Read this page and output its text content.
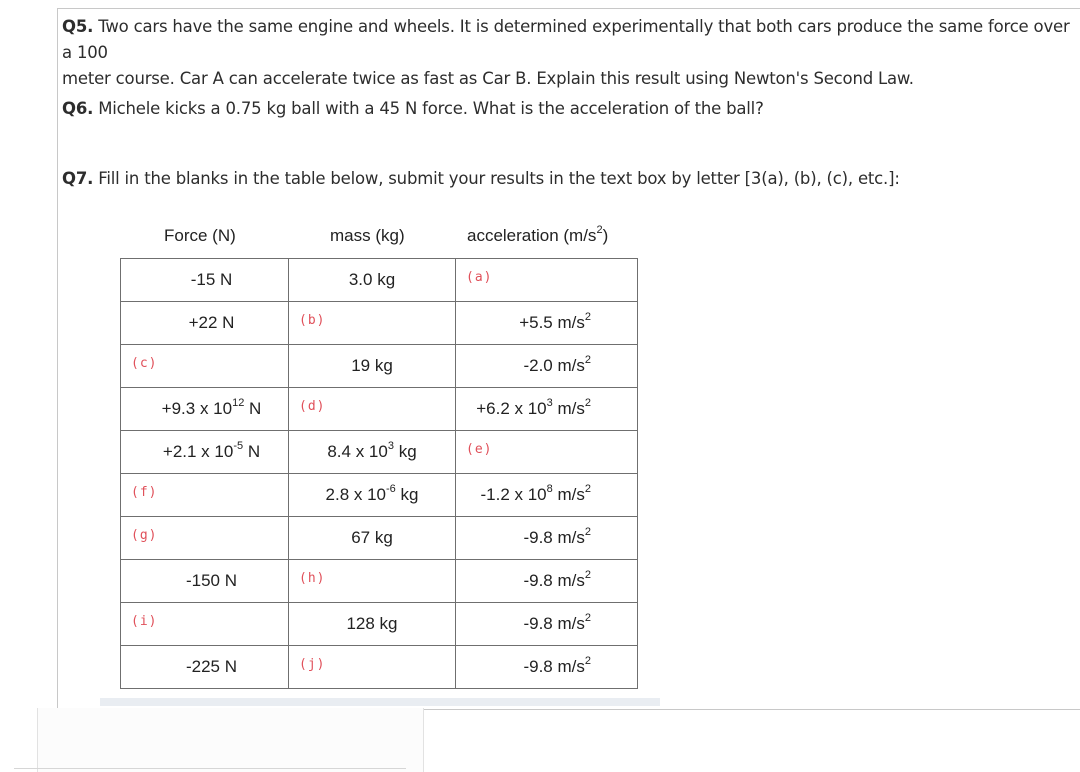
Q5. Two cars have the same engine and wheels. It is determined experimentally that both cars produce the same force over a 100
meter course. Car A can accelerate twice as fast as Car B. Explain this result using Newton's Second Law.
Q6. Michele kicks a 0.75 kg ball with a 45 N force. What is the acceleration of the ball?
Q7. Fill in the blanks in the table below, submit your results in the text box by letter [3(a), (b), (c), etc.]:
Force (N)	mass (kg)	acceleration $(m/s^2)$
-15 N	3.0 kg	(a)

+22 N	(b)	+5.5 $m/s^2$

(c)	19 kg	-2.0 $m/s^2$

+9.3 x $10^{12}$ N	(d)	+6.2 x $10^3$ $m/s^2$

+2.1 x $10^{-5}$ N	8.4 x $10^3$ kg	(e)

(f)	2.8 x $10^{-6}$ kg	-1.2 x $10^8$ $m/s^2$

(g)	67 kg	-9.8 $m/s^2$

-150 N	(h)	-9.8 $m/s^2$

(i)	128 kg	-9.8 $m/s^2$

-225 N	(j)	-9.8 $m/s^2$
